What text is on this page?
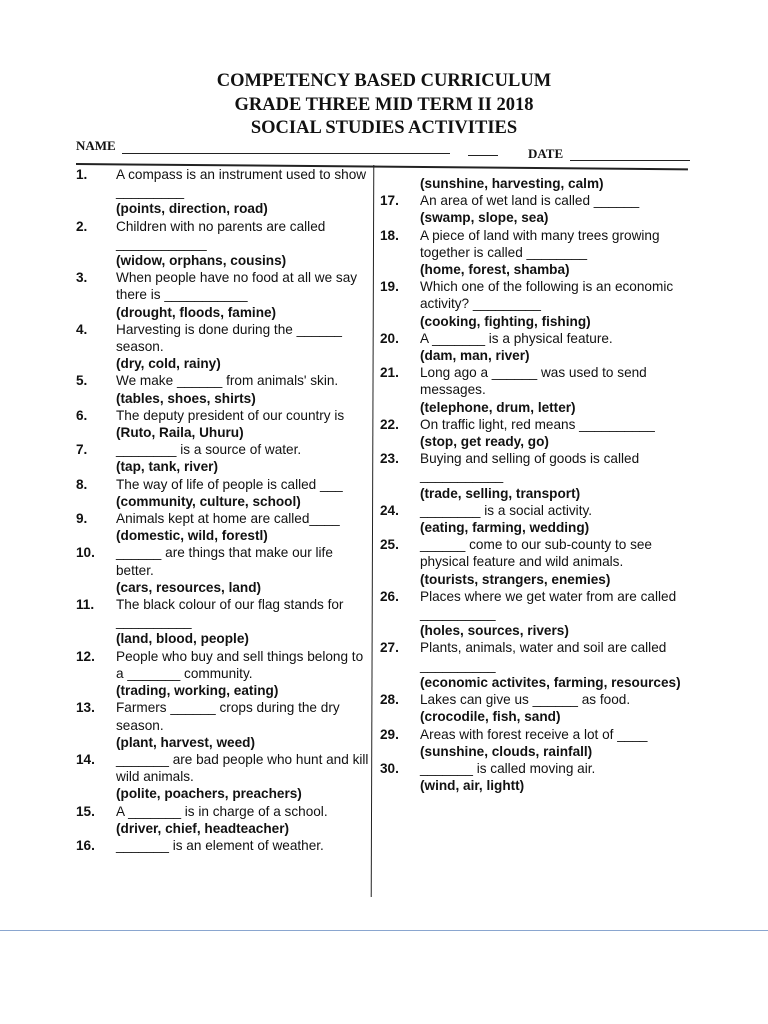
COMPETENCY BASED CURRICULUM
GRADE THREE MID TERM II 2018
SOCIAL STUDIES ACTIVITIES
NAME
DATE
1. A compass is an instrument used to show _________
(points, direction, road)
2. Children with no parents are called ____________
(widow, orphans, cousins)
3. When people have no food at all we say there is ___________
(drought, floods, famine)
4. Harvesting is done during the ______ season.
(dry, cold, rainy)
5. We make ______ from animals' skin.
(tables, shoes, shirts)
6. The deputy president of our country is
(Ruto, Raila, Uhuru)
7. ________ is a source of water.
(tap, tank, river)
8. The way of life of people is called ___
(community, culture, school)
9. Animals kept at home are called____
(domestic, wild, forestl)
10. ______ are things that make our life better.
(cars, resources, land)
11. The black colour of our flag stands for __________
(land, blood, people)
12. People who buy and sell things belong to a _______ community.
(trading, working, eating)
13. Farmers ______ crops during the dry season.
(plant, harvest, weed)
14. _______ are bad people who hunt and kill wild animals.
(polite, poachers, preachers)
15. A _______ is in charge of a school.
(driver, chief, headteacher)
16. _______ is an element of weather.
(sunshine, harvesting, calm)
17. An area of wet land is called ______
(swamp, slope, sea)
18. A piece of land with many trees growing together is called ________
(home, forest, shamba)
19. Which one of the following is an economic activity? _________
(cooking, fighting, fishing)
20. A _______ is a physical feature.
(dam, man, river)
21. Long ago a ______ was used to send messages.
(telephone, drum, letter)
22. On traffic light, red means __________
(stop, get ready, go)
23. Buying and selling of goods is called ___________
(trade, selling, transport)
24. ________ is a social activity.
(eating, farming, wedding)
25. ______ come to our sub-county to see physical feature and wild animals.
(tourists, strangers, enemies)
26. Places where we get water from are called __________
(holes, sources, rivers)
27. Plants, animals, water and soil are called __________
(economic activites, farming, resources)
28. Lakes can give us ______ as food.
(crocodile, fish, sand)
29. Areas with forest receive a lot of ____
(sunshine, clouds, rainfall)
30. _______ is called moving air.
(wind, air, lightt)
